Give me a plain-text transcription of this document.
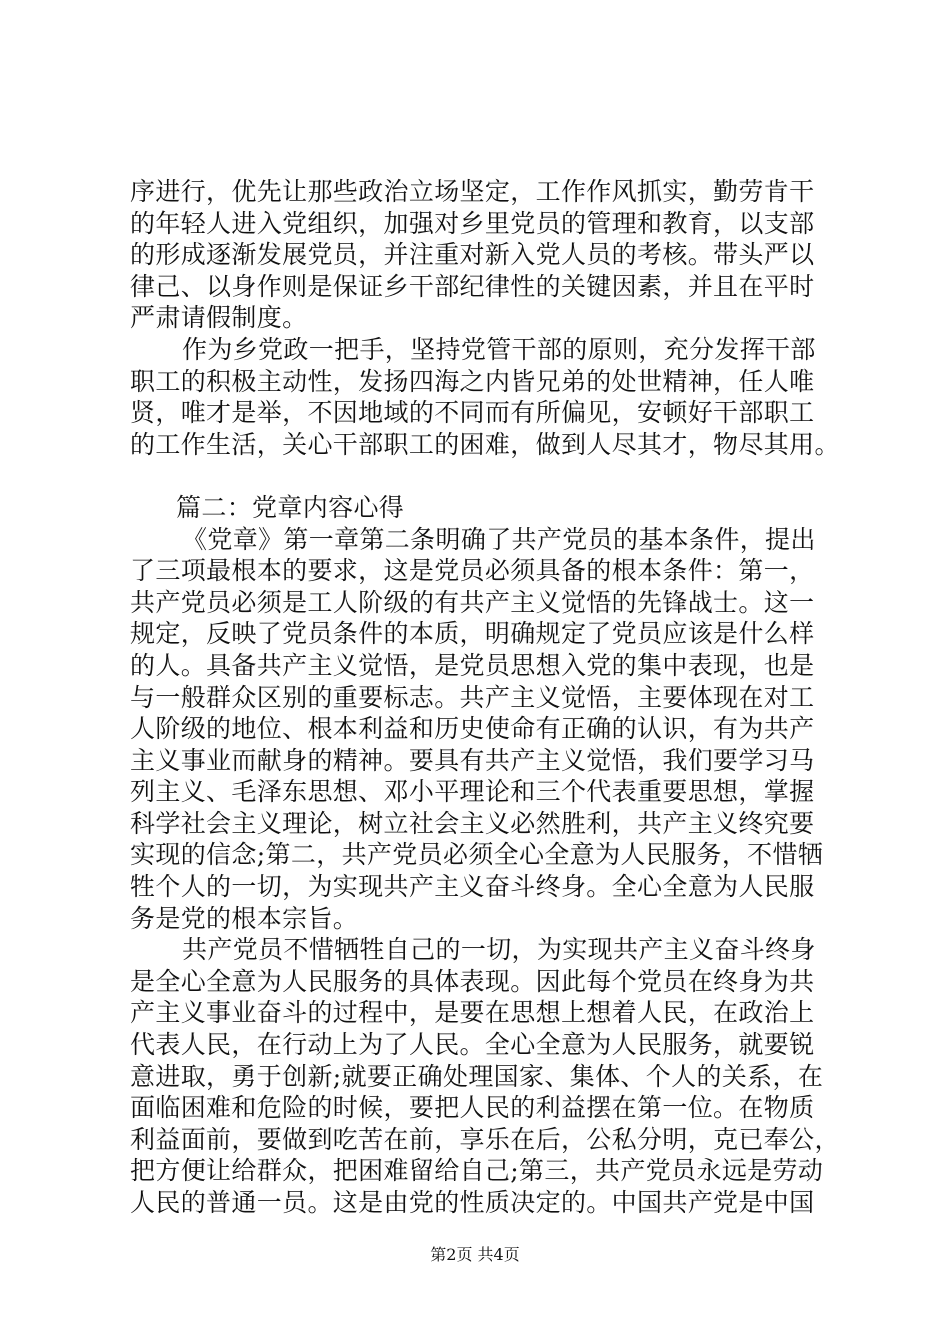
序进行，优先让那些政治立场坚定，工作作风抓实，勤劳肯干
的年轻人进入党组织，加强对乡里党员的管理和教育，以支部
的形成逐渐发展党员，并注重对新入党人员的考核。带头严以
律己、以身作则是保证乡干部纪律性的关键因素，并且在平时
严肃请假制度。
作为乡党政一把手，坚持党管干部的原则，充分发挥干部
职工的积极主动性，发扬四海之内皆兄弟的处世精神，任人唯
贤，唯才是举，不因地域的不同而有所偏见，安顿好干部职工
的工作生活，关心干部职工的困难，做到人尽其才，物尽其用。
篇二：党章内容心得
《党章》第一章第二条明确了共产党员的基本条件，提出
了三项最根本的要求，这是党员必须具备的根本条件：第一，
共产党员必须是工人阶级的有共产主义觉悟的先锋战士。这一
规定，反映了党员条件的本质，明确规定了党员应该是什么样
的人。具备共产主义觉悟，是党员思想入党的集中表现，也是
与一般群众区别的重要标志。共产主义觉悟，主要体现在对工
人阶级的地位、根本利益和历史使命有正确的认识，有为共产
主义事业而献身的精神。要具有共产主义觉悟，我们要学习马
列主义、毛泽东思想、邓小平理论和三个代表重要思想，掌握
科学社会主义理论，树立社会主义必然胜利，共产主义终究要
实现的信念;第二，共产党员必须全心全意为人民服务，不惜牺
牲个人的一切，为实现共产主义奋斗终身。全心全意为人民服
务是党的根本宗旨。
共产党员不惜牺牲自己的一切，为实现共产主义奋斗终身
是全心全意为人民服务的具体表现。因此每个党员在终身为共
产主义事业奋斗的过程中，是要在思想上想着人民，在政治上
代表人民，在行动上为了人民。全心全意为人民服务，就要锐
意进取，勇于创新;就要正确处理国家、集体、个人的关系，在
面临困难和危险的时候，要把人民的利益摆在第一位。在物质
利益面前，要做到吃苦在前，享乐在后，公私分明，克已奉公，
把方便让给群众，把困难留给自己;第三，共产党员永远是劳动
人民的普通一员。这是由党的性质决定的。中国共产党是中国
第2页 共4页
